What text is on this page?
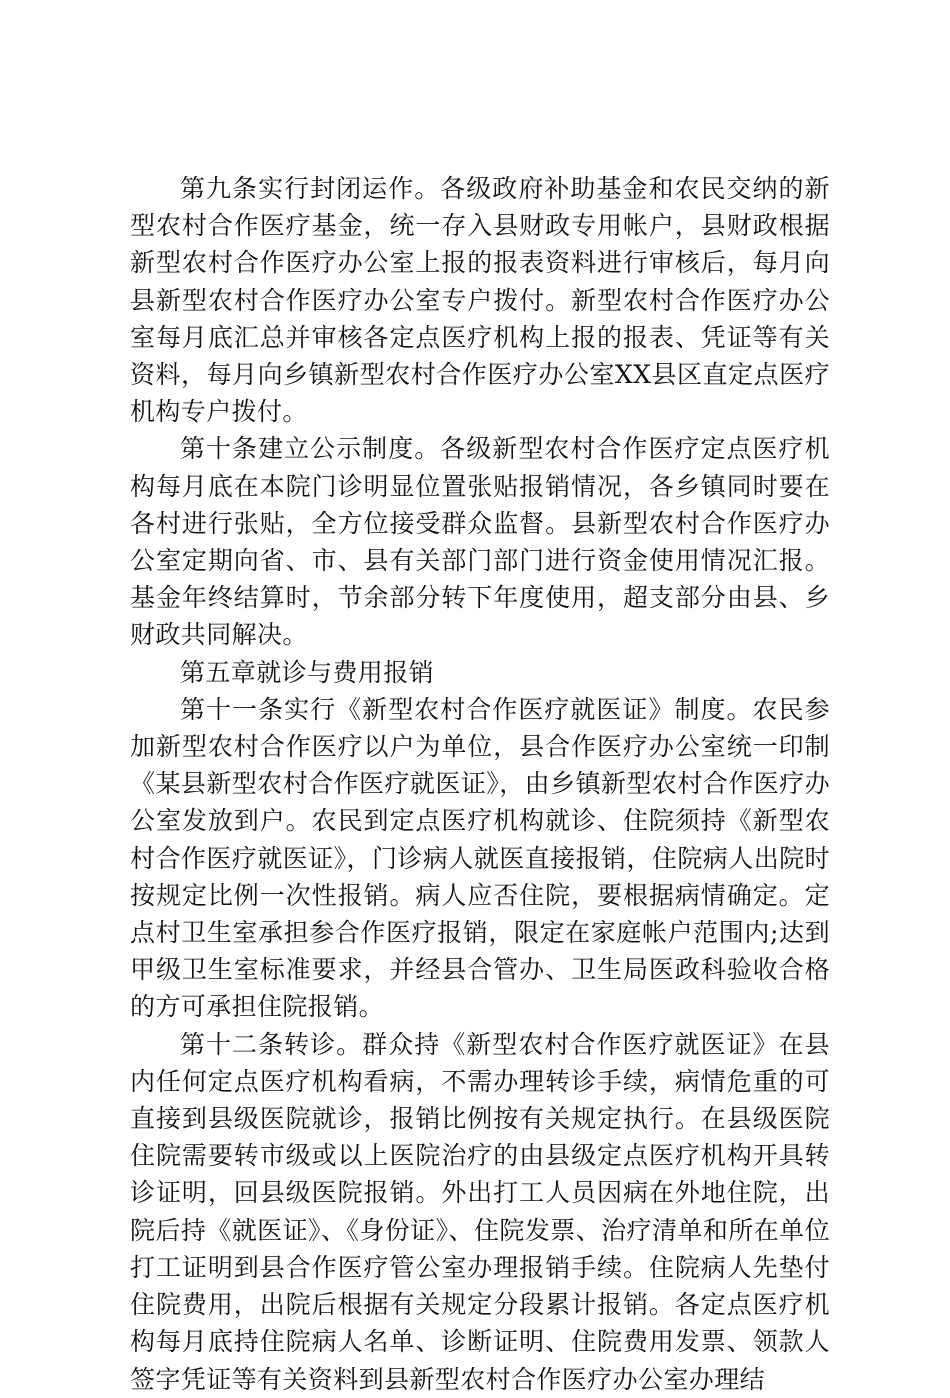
第九条实行封闭运作。各级政府补助基金和农民交纳的新型农村合作医疗基金，统一存入县财政专用帐户，县财政根据新型农村合作医疗办公室上报的报表资料进行审核后，每月向县新型农村合作医疗办公室专户拨付。新型农村合作医疗办公室每月底汇总并审核各定点医疗机构上报的报表、凭证等有关资料，每月向乡镇新型农村合作医疗办公室XX县区直定点医疗机构专户拨付。

第十条建立公示制度。各级新型农村合作医疗定点医疗机构每月底在本院门诊明显位置张贴报销情况，各乡镇同时要在各村进行张贴，全方位接受群众监督。县新型农村合作医疗办公室定期向省、市、县有关部门部门进行资金使用情况汇报。基金年终结算时，节余部分转下年度使用，超支部分由县、乡财政共同解决。

第五章就诊与费用报销

第十一条实行《新型农村合作医疗就医证》制度。农民参加新型农村合作医疗以户为单位，县合作医疗办公室统一印制《某县新型农村合作医疗就医证》，由乡镇新型农村合作医疗办公室发放到户。农民到定点医疗机构就诊、住院须持《新型农村合作医疗就医证》，门诊病人就医直接报销，住院病人出院时按规定比例一次性报销。病人应否住院，要根据病情确定。定点村卫生室承担参合作医疗报销，限定在家庭帐户范围内;达到甲级卫生室标准要求，并经县合管办、卫生局医政科验收合格的方可承担住院报销。

第十二条转诊。群众持《新型农村合作医疗就医证》在县内任何定点医疗机构看病，不需办理转诊手续，病情危重的可直接到县级医院就诊，报销比例按有关规定执行。在县级医院住院需要转市级或以上医院治疗的由县级定点医疗机构开具转诊证明，回县级医院报销。外出打工人员因病在外地住院，出院后持《就医证》、《身份证》、住院发票、治疗清单和所在单位打工证明到县合作医疗管公室办理报销手续。住院病人先垫付住院费用，出院后根据有关规定分段累计报销。各定点医疗机构每月底持住院病人名单、诊断证明、住院费用发票、领款人签字凭证等有关资料到县新型农村合作医疗办公室办理结
